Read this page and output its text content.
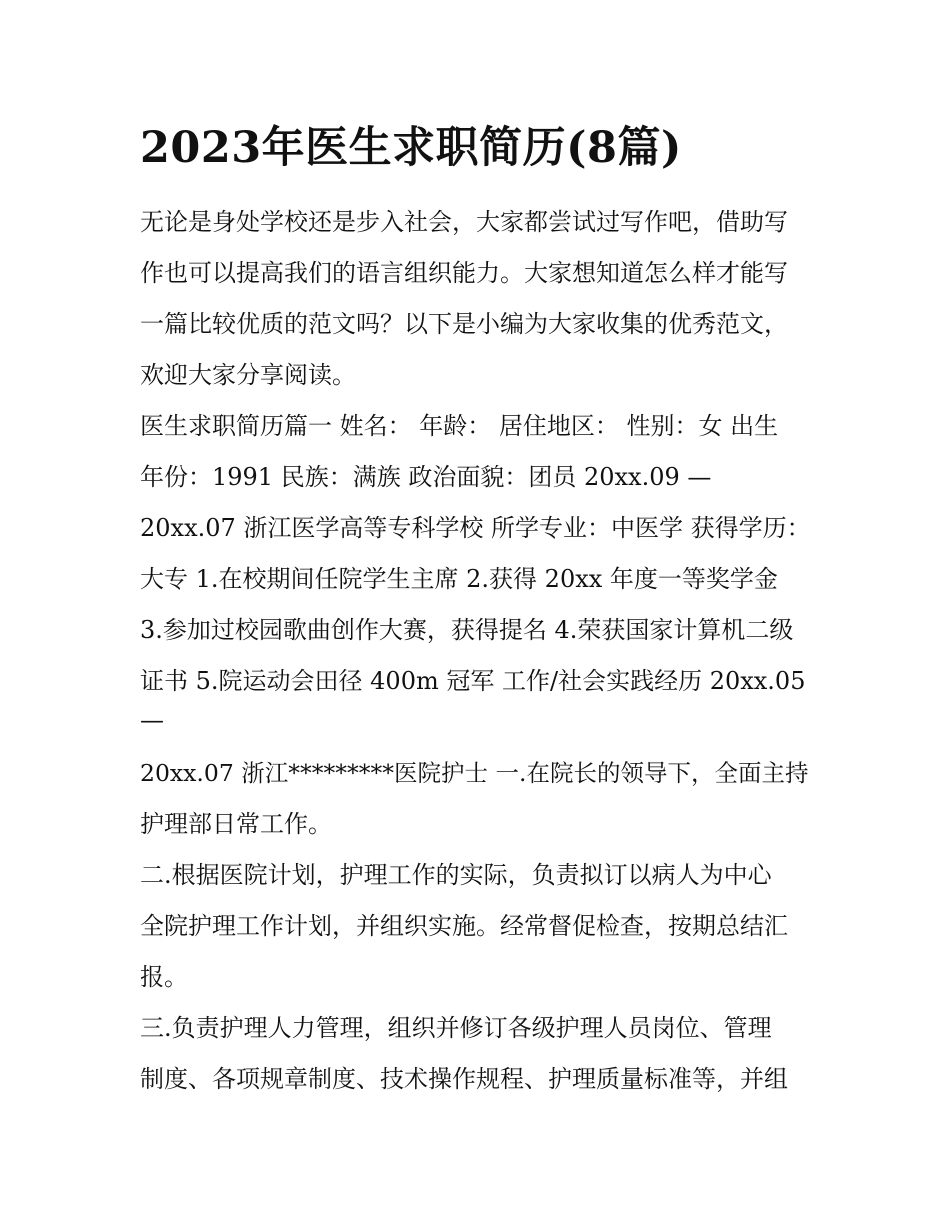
2023年医生求职简历(8篇)

无论是身处学校还是步入社会，大家都尝试过写作吧，借助写

作也可以提高我们的语言组织能力。大家想知道怎么样才能写

一篇比较优质的范文吗？以下是小编为大家收集的优秀范文，

欢迎大家分享阅读。

医生求职简历篇一 姓名： 年龄： 居住地区： 性别：女 出生

年份：1991 民族：满族 政治面貌：团员 20xx.09 —

20xx.07 浙江医学高等专科学校 所学专业：中医学 获得学历：

大专 1.在校期间任院学生主席 2.获得 20xx 年度一等奖学金

3.参加过校园歌曲创作大赛，获得提名 4.荣获国家计算机二级

证书 5.院运动会田径 400m 冠军 工作/社会实践经历 20xx.05

—

20xx.07 浙江*********医院护士 一.在院长的领导下，全面主持

护理部日常工作。

二.根据医院计划，护理工作的实际，负责拟订以病人为中心

全院护理工作计划，并组织实施。经常督促检查，按期总结汇

报。

三.负责护理人力管理，组织并修订各级护理人员岗位、管理

制度、各项规章制度、技术操作规程、护理质量标准等，并组
